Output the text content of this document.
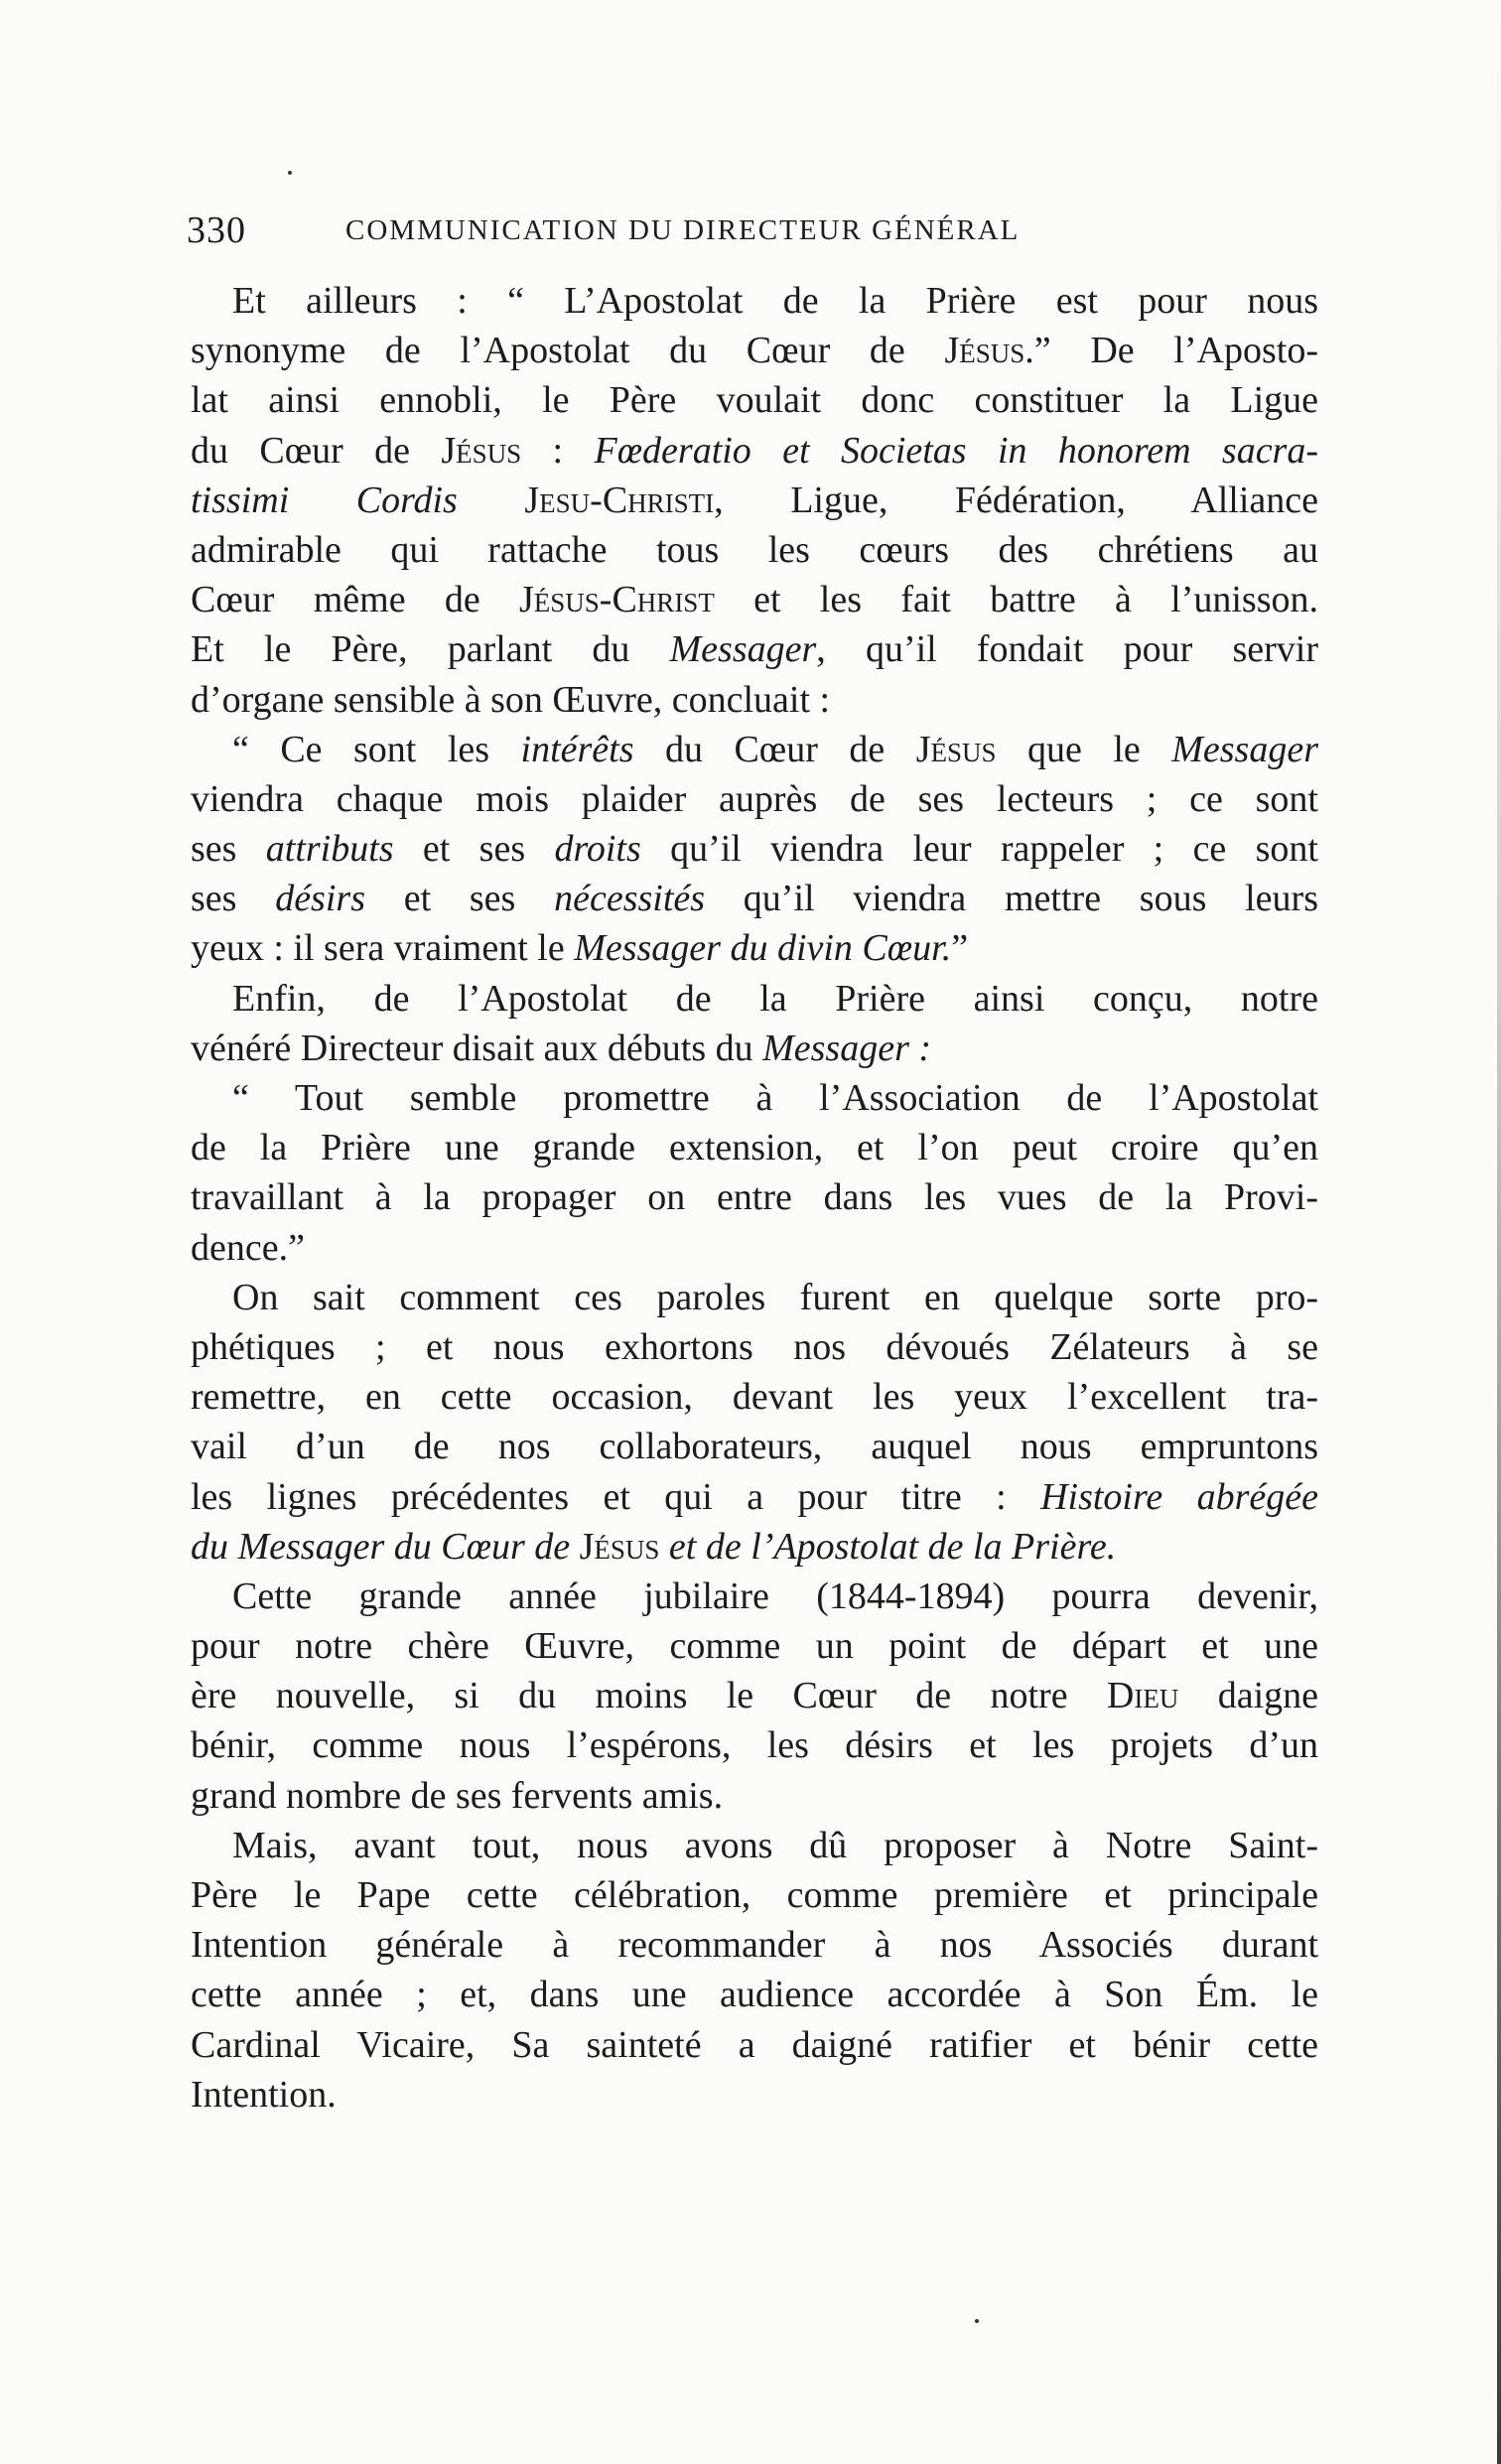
330	COMMUNICATION DU DIRECTEUR GÉNÉRAL
Et ailleurs : “ L’Apostolat de la Prière est pour nous
synonyme de l’Apostolat du Cœur de Jésus.” De l’Aposto-
lat ainsi ennobli, le Père voulait donc constituer la Ligue
du Cœur de Jésus : Fœderatio et Societas in honorem sacra-
tissimi Cordis Jesu-Christi, Ligue, Fédération, Alliance
admirable qui rattache tous les cœurs des chrétiens au
Cœur même de Jésus-Christ et les fait battre à l’unisson.
Et le Père, parlant du Messager, qu’il fondait pour servir
d’organe sensible à son Œuvre, concluait :
“ Ce sont les intérêts du Cœur de Jésus que le Messager
viendra chaque mois plaider auprès de ses lecteurs ; ce sont
ses attributs et ses droits qu’il viendra leur rappeler ; ce sont
ses désirs et ses nécessités qu’il viendra mettre sous leurs
yeux : il sera vraiment le Messager du divin Cœur.”
Enfin, de l’Apostolat de la Prière ainsi conçu, notre
vénéré Directeur disait aux débuts du Messager :
“ Tout semble promettre à l’Association de l’Apostolat
de la Prière une grande extension, et l’on peut croire qu’en
travaillant à la propager on entre dans les vues de la Provi-
dence.”
On sait comment ces paroles furent en quelque sorte pro-
phétiques ; et nous exhortons nos dévoués Zélateurs à se
remettre, en cette occasion, devant les yeux l’excellent tra-
vail d’un de nos collaborateurs, auquel nous empruntons
les lignes précédentes et qui a pour titre : Histoire abrégée
du Messager du Cœur de Jésus et de l’Apostolat de la Prière.
Cette grande année jubilaire (1844-1894) pourra devenir,
pour notre chère Œuvre, comme un point de départ et une
ère nouvelle, si du moins le Cœur de notre Dieu daigne
bénir, comme nous l’espérons, les désirs et les projets d’un
grand nombre de ses fervents amis.
Mais, avant tout, nous avons dû proposer à Notre Saint-
Père le Pape cette célébration, comme première et principale
Intention générale à recommander à nos Associés durant
cette année ; et, dans une audience accordée à Son Ém. le
Cardinal Vicaire, Sa sainteté a daigné ratifier et bénir cette
Intention.
